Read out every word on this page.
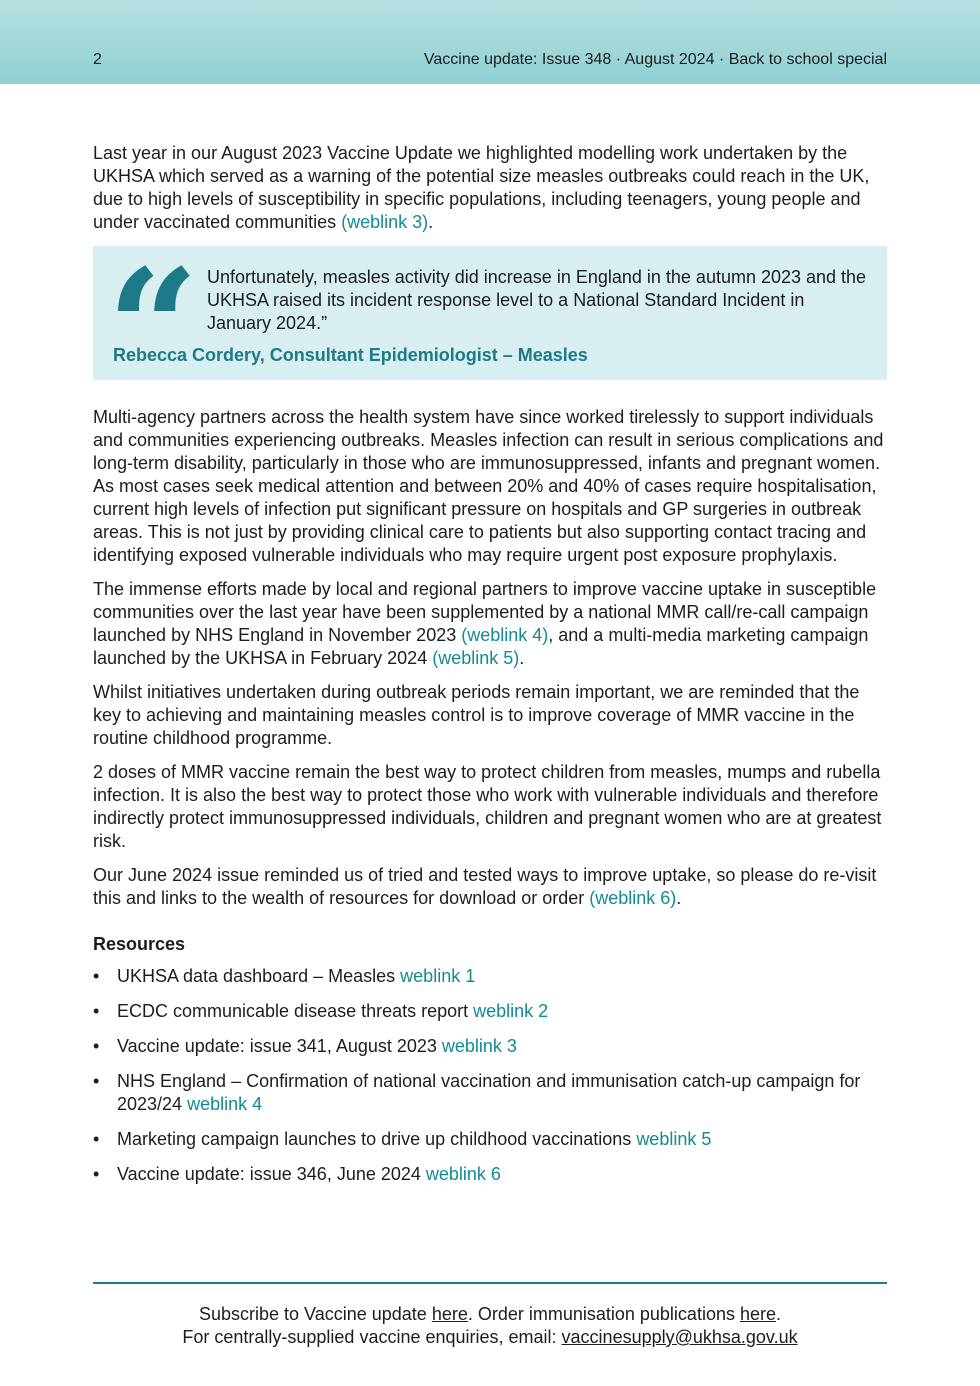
2	Vaccine update: Issue 348 · August 2024 · Back to school special

Last year in our August 2023 Vaccine Update we highlighted modelling work undertaken by the UKHSA which served as a warning of the potential size measles outbreaks could reach in the UK, due to high levels of susceptibility in specific populations, including teenagers, young people and under vaccinated communities (weblink 3).

“ Unfortunately, measles activity did increase in England in the autumn 2023 and the UKHSA raised its incident response level to a National Standard Incident in January 2024.”
Rebecca Cordery, Consultant Epidemiologist – Measles

Multi-agency partners across the health system have since worked tirelessly to support individuals and communities experiencing outbreaks. Measles infection can result in serious complications and long-term disability, particularly in those who are immunosuppressed, infants and pregnant women. As most cases seek medical attention and between 20% and 40% of cases require hospitalisation, current high levels of infection put significant pressure on hospitals and GP surgeries in outbreak areas. This is not just by providing clinical care to patients but also supporting contact tracing and identifying exposed vulnerable individuals who may require urgent post exposure prophylaxis.

The immense efforts made by local and regional partners to improve vaccine uptake in susceptible communities over the last year have been supplemented by a national MMR call/re-call campaign launched by NHS England in November 2023 (weblink 4), and a multi-media marketing campaign launched by the UKHSA in February 2024 (weblink 5).

Whilst initiatives undertaken during outbreak periods remain important, we are reminded that the key to achieving and maintaining measles control is to improve coverage of MMR vaccine in the routine childhood programme.

2 doses of MMR vaccine remain the best way to protect children from measles, mumps and rubella infection. It is also the best way to protect those who work with vulnerable individuals and therefore indirectly protect immunosuppressed individuals, children and pregnant women who are at greatest risk.

Our June 2024 issue reminded us of tried and tested ways to improve uptake, so please do re-visit this and links to the wealth of resources for download or order (weblink 6).

Resources
• UKHSA data dashboard – Measles weblink 1
• ECDC communicable disease threats report weblink 2
• Vaccine update: issue 341, August 2023 weblink 3
• NHS England – Confirmation of national vaccination and immunisation catch-up campaign for 2023/24 weblink 4
• Marketing campaign launches to drive up childhood vaccinations weblink 5
• Vaccine update: issue 346, June 2024 weblink 6
Subscribe to Vaccine update here. Order immunisation publications here.
For centrally-supplied vaccine enquiries, email: vaccinesupply@ukhsa.gov.uk
